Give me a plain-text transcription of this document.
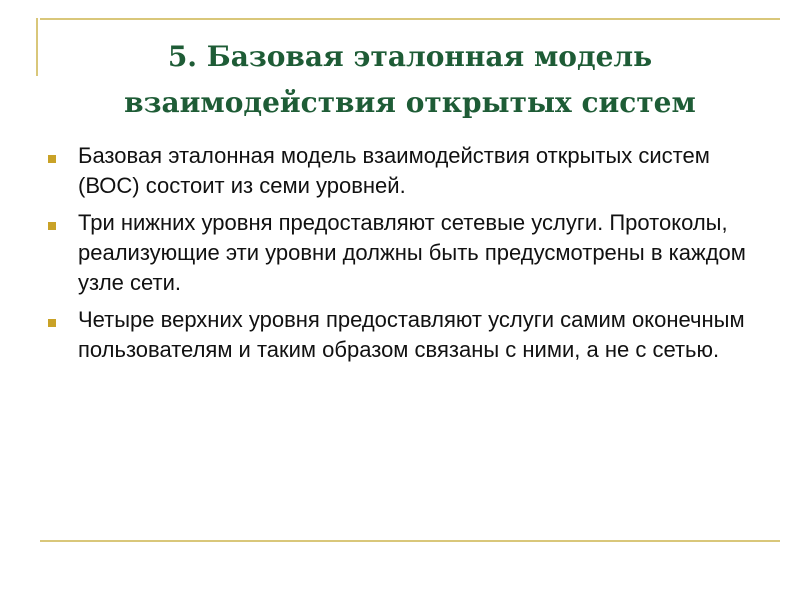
5. Базовая эталонная модель взаимодействия открытых систем
Базовая эталонная модель взаимодействия открытых систем (ВОС) состоит из семи уровней.
Три нижних уровня предоставляют сетевые услуги. Протоколы, реализующие эти уровни должны быть предусмотрены в каждом узле сети.
Четыре верхних уровня предоставляют услуги самим оконечным пользователям и таким образом связаны с ними, а не с сетью.
